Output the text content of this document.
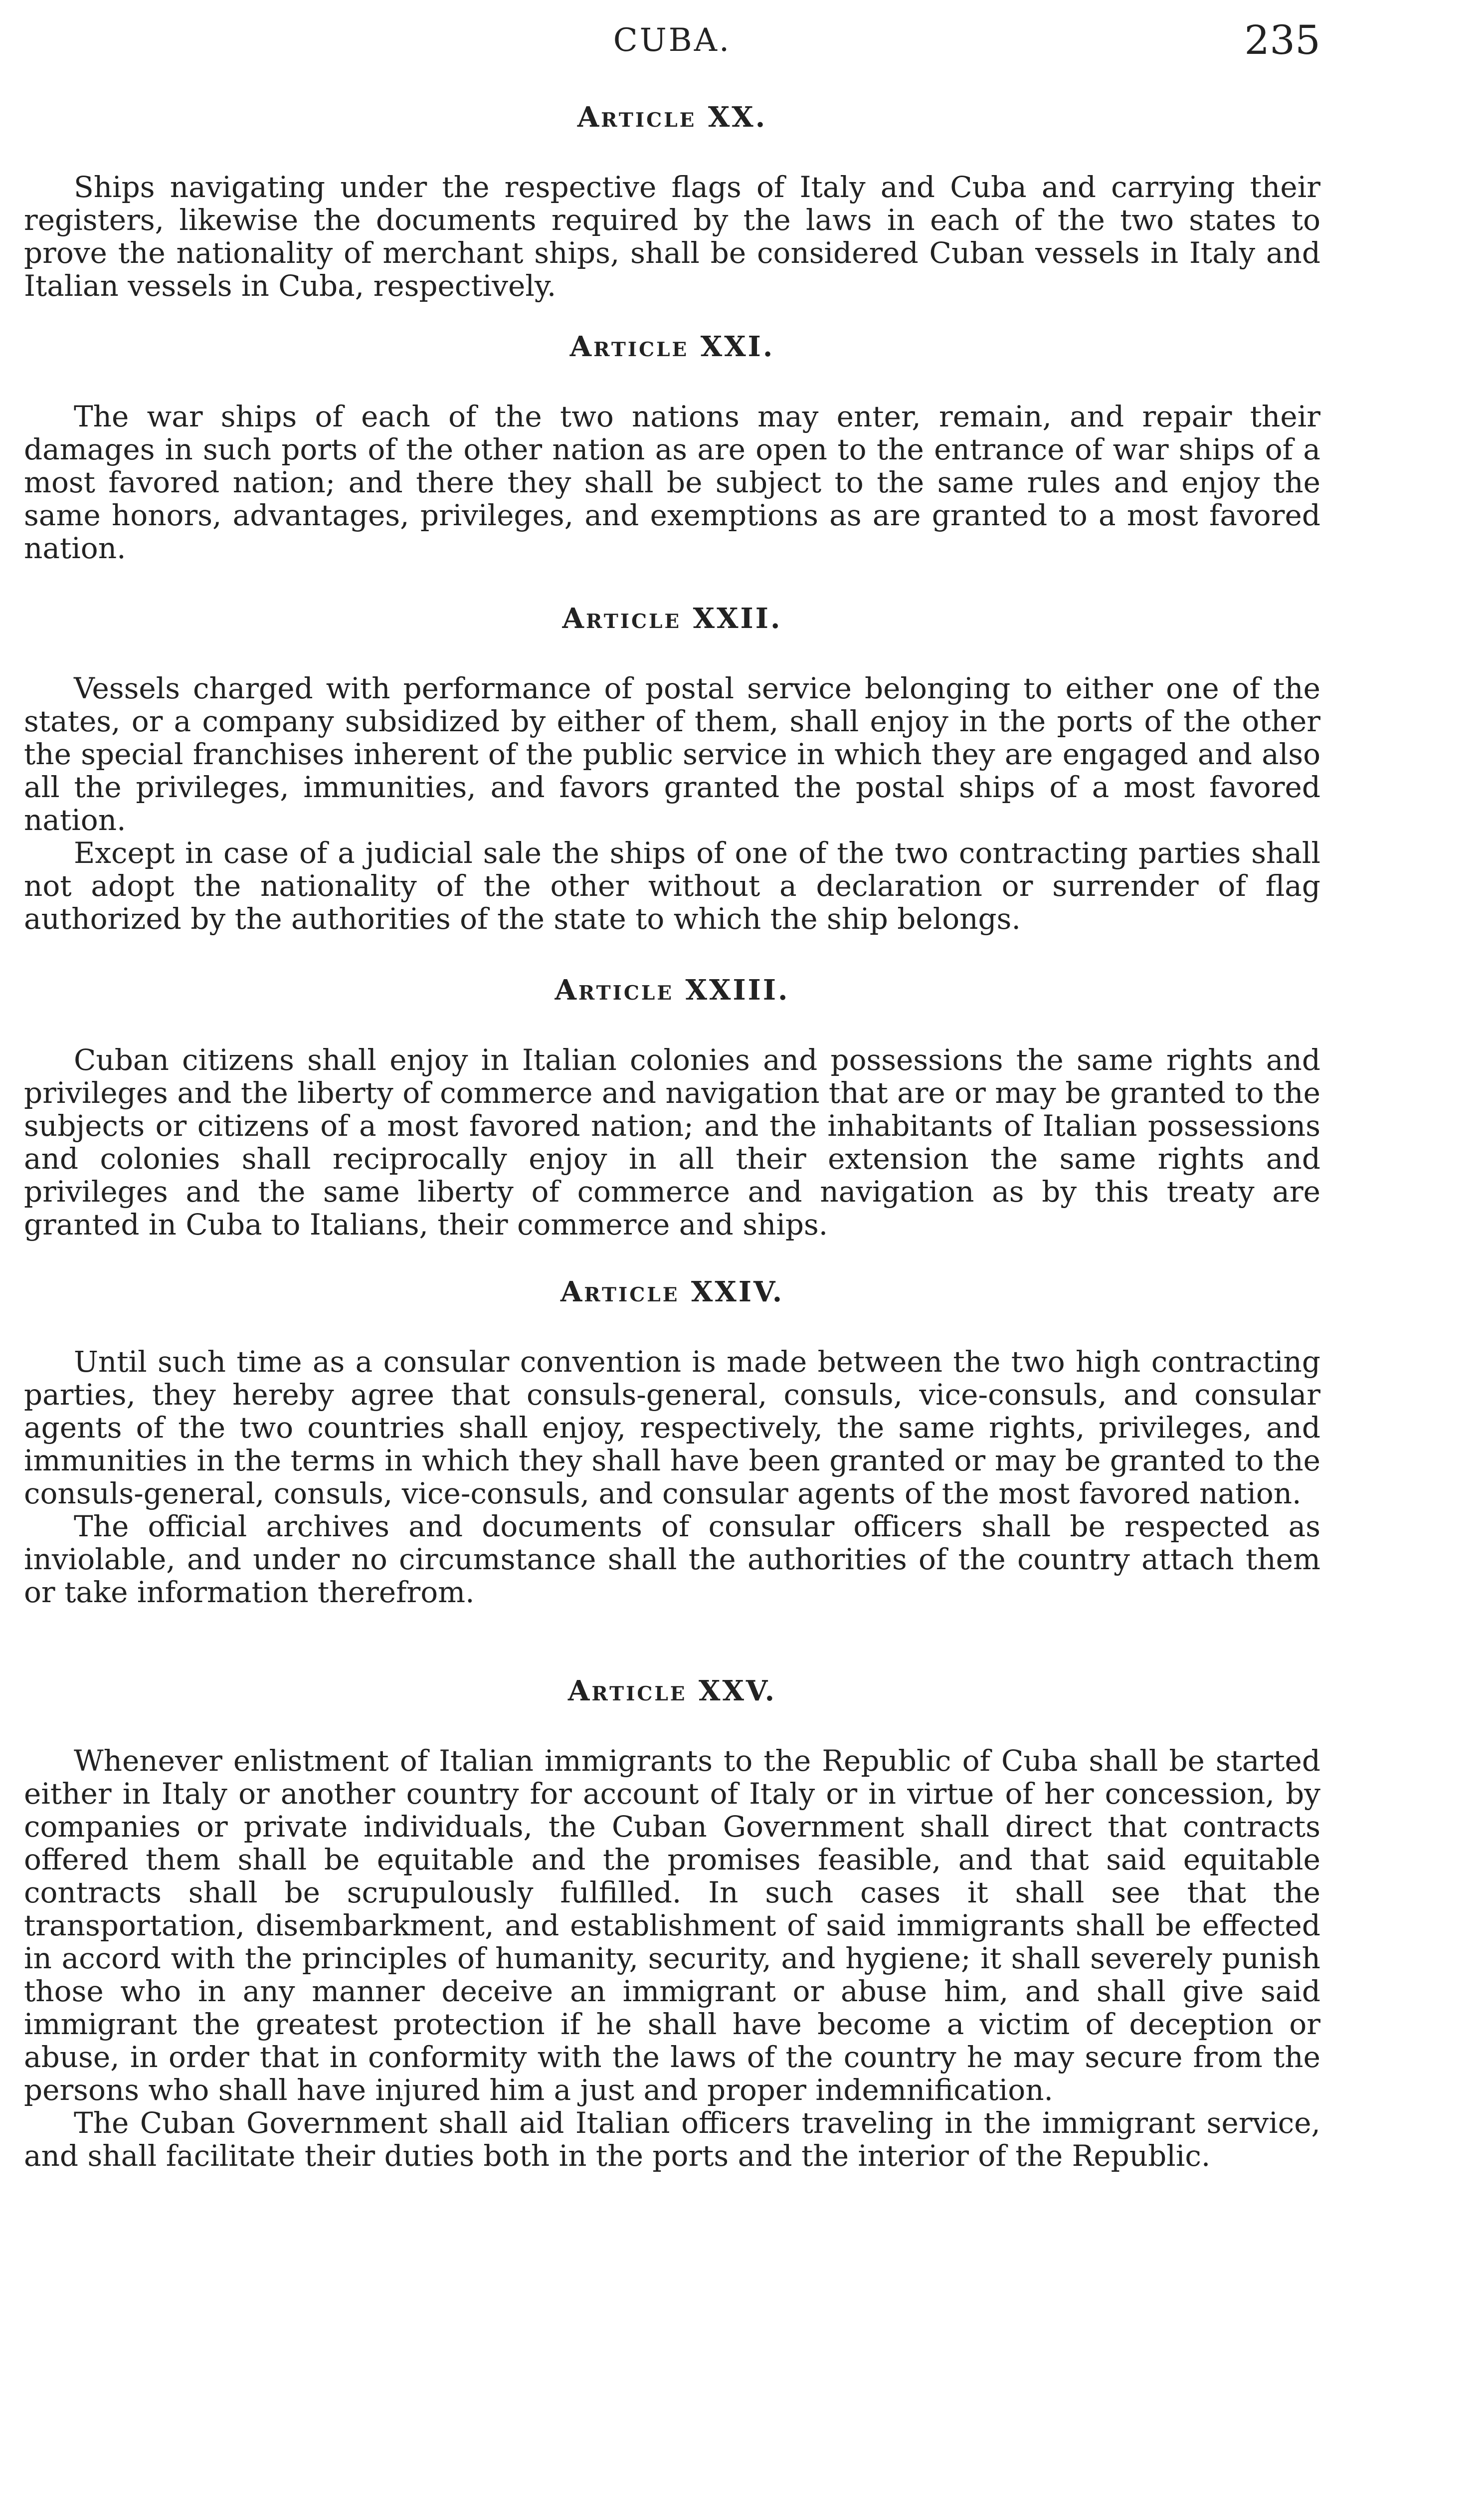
CUBA.	235
Article XX.

Ships navigating under the respective flags of Italy and Cuba and carrying their registers, likewise the documents required by the laws in each of the two states to prove the nationality of merchant ships, shall be considered Cuban vessels in Italy and Italian vessels in Cuba, respectively.

Article XXI.

The war ships of each of the two nations may enter, remain, and repair their damages in such ports of the other nation as are open to the entrance of war ships of a most favored nation; and there they shall be subject to the same rules and enjoy the same honors, advantages, privileges, and exemptions as are granted to a most favored nation.

Article XXII.

Vessels charged with performance of postal service belonging to either one of the states, or a company subsidized by either of them, shall enjoy in the ports of the other the special franchises inherent of the public service in which they are engaged and also all the privileges, immunities, and favors granted the postal ships of a most favored nation.

Except in case of a judicial sale the ships of one of the two contracting parties shall not adopt the nationality of the other without a declaration or surrender of flag authorized by the authorities of the state to which the ship belongs.

Article XXIII.

Cuban citizens shall enjoy in Italian colonies and possessions the same rights and privileges and the liberty of commerce and navigation that are or may be granted to the subjects or citizens of a most favored nation; and the inhabitants of Italian possessions and colonies shall reciprocally enjoy in all their extension the same rights and privileges and the same liberty of commerce and navigation as by this treaty are granted in Cuba to Italians, their commerce and ships.

Article XXIV.

Until such time as a consular convention is made between the two high contracting parties, they hereby agree that consuls-general, consuls, vice-consuls, and consular agents of the two countries shall enjoy, respectively, the same rights, privileges, and immunities in the terms in which they shall have been granted or may be granted to the consuls-general, consuls, vice-consuls, and consular agents of the most favored nation.

The official archives and documents of consular officers shall be respected as inviolable, and under no circumstance shall the authorities of the country attach them or take information therefrom.

Article XXV.

Whenever enlistment of Italian immigrants to the Republic of Cuba shall be started either in Italy or another country for account of Italy or in virtue of her concession, by companies or private individuals, the Cuban Government shall direct that contracts offered them shall be equitable and the promises feasible, and that said equitable contracts shall be scrupulously fulfilled. In such cases it shall see that the transportation, disembarkment, and establishment of said immigrants shall be effected in accord with the principles of humanity, security, and hygiene; it shall severely punish those who in any manner deceive an immigrant or abuse him, and shall give said immigrant the greatest protection if he shall have become a victim of deception or abuse, in order that in conformity with the laws of the country he may secure from the persons who shall have injured him a just and proper indemnification.

The Cuban Government shall aid Italian officers traveling in the immigrant service, and shall facilitate their duties both in the ports and the interior of the Republic.
